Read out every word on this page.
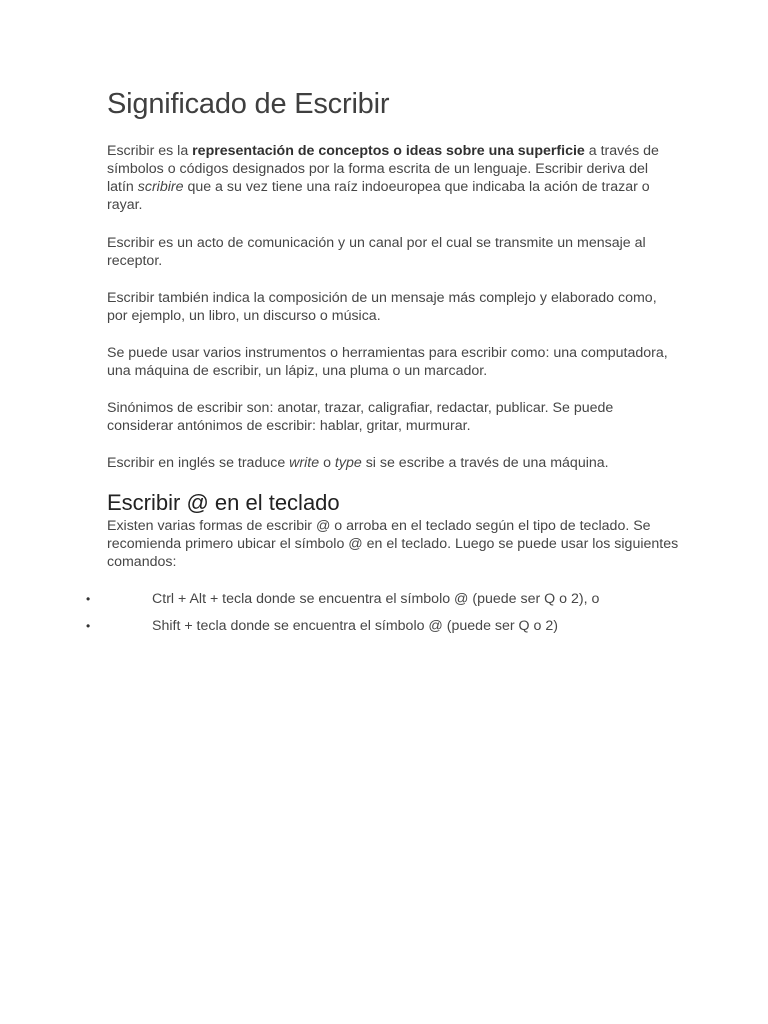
Significado de Escribir

Escribir es la representación de conceptos o ideas sobre una superficie a través de símbolos o códigos designados por la forma escrita de un lenguaje. Escribir deriva del latín scribire que a su vez tiene una raíz indoeuropea que indicaba la ación de trazar o rayar.

Escribir es un acto de comunicación y un canal por el cual se transmite un mensaje al receptor.

Escribir también indica la composición de un mensaje más complejo y elaborado como, por ejemplo, un libro, un discurso o música.

Se puede usar varios instrumentos o herramientas para escribir como: una computadora, una máquina de escribir, un lápiz, una pluma o un marcador.

Sinónimos de escribir son: anotar, trazar, caligrafiar, redactar, publicar. Se puede considerar antónimos de escribir: hablar, gritar, murmurar.

Escribir en inglés se traduce write o type si se escribe a través de una máquina.

Escribir @ en el teclado

Existen varias formas de escribir @ o arroba en el teclado según el tipo de teclado. Se recomienda primero ubicar el símbolo @ en el teclado. Luego se puede usar los siguientes comandos:

•	Ctrl + Alt + tecla donde se encuentra el símbolo @ (puede ser Q o 2), o
•	Shift + tecla donde se encuentra el símbolo @ (puede ser Q o 2)
